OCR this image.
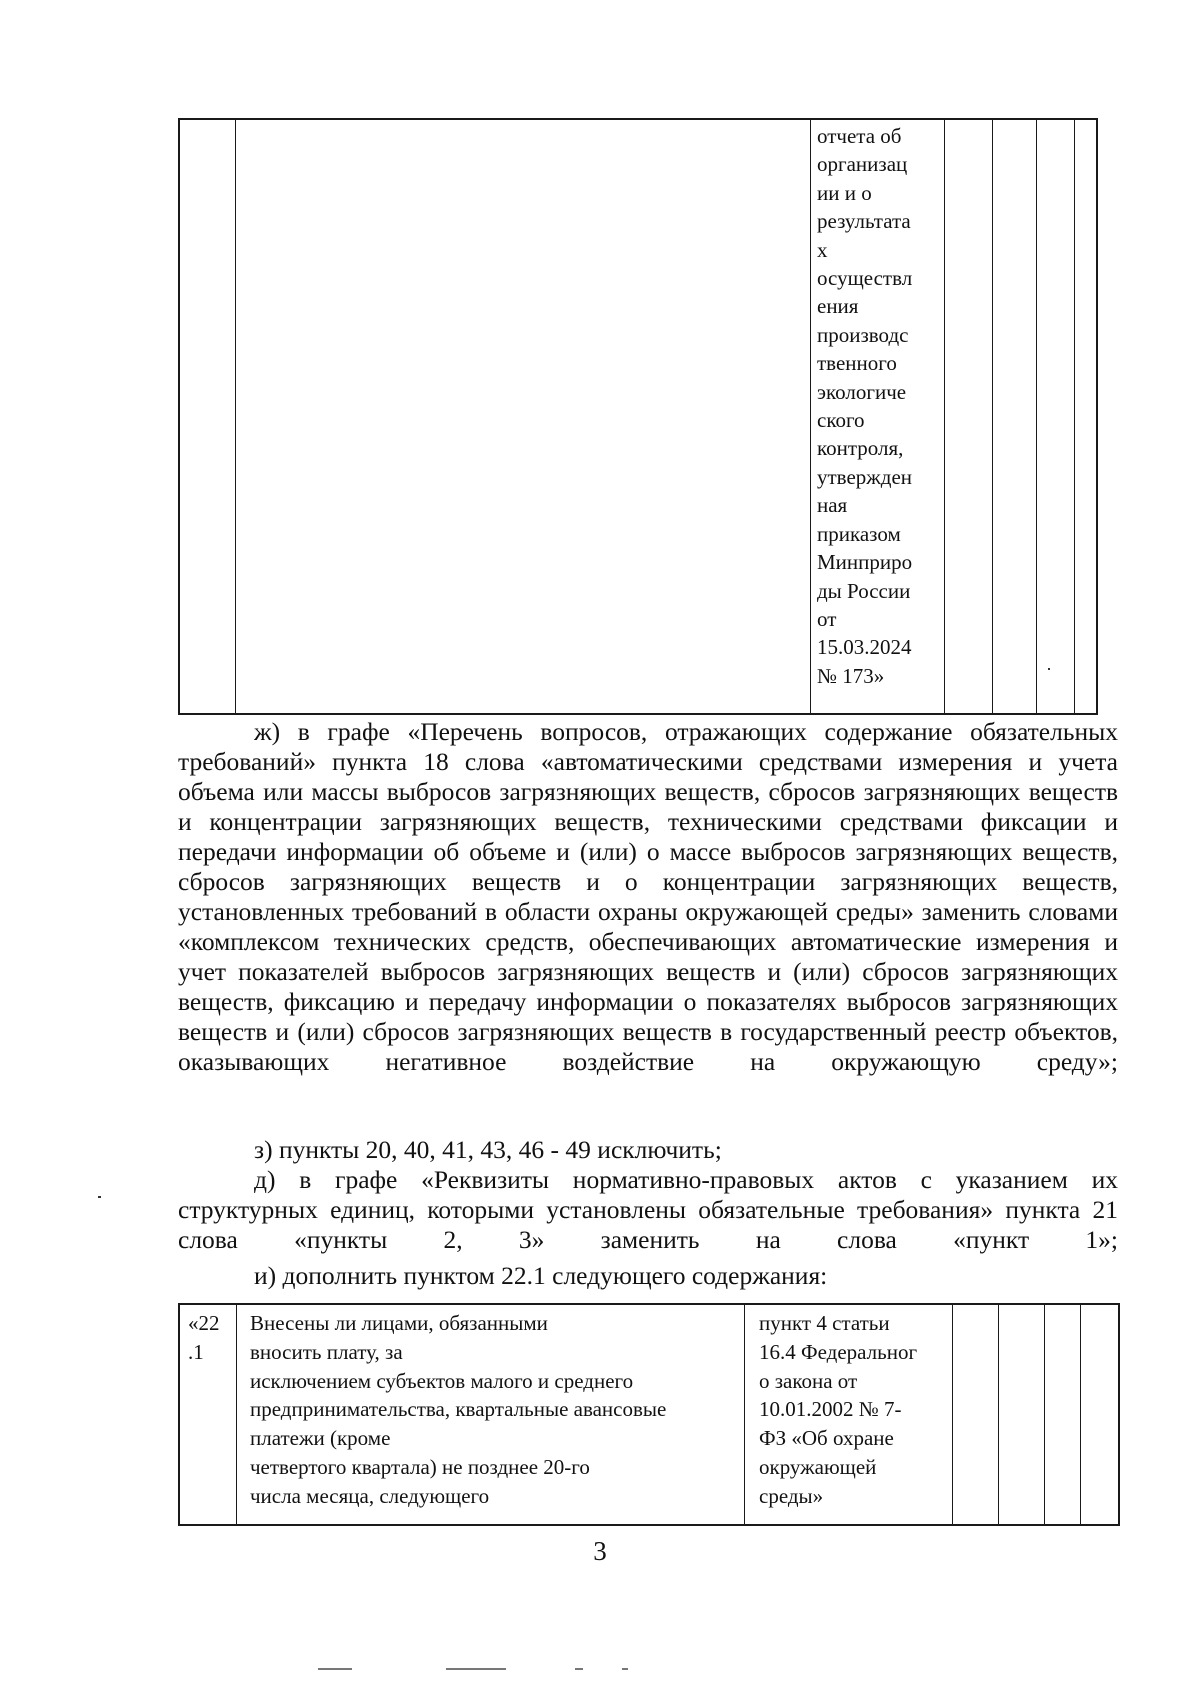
отчета об
организац
ии и о
результата
х
осуществл
ения
производс
твенного
экологиче
ского
контроля,
утвержден
ная
приказом
Минприро
ды России
от
15.03.2024
№ 173»

ж) в графе «Перечень вопросов, отражающих содержание обязательных требований» пункта 18 слова «автоматическими средствами измерения и учета объема или массы выбросов загрязняющих веществ, сбросов загрязняющих веществ и концентрации загрязняющих веществ, техническими средствами фиксации и передачи информации об объеме и (или) о массе выбросов загрязняющих веществ, сбросов загрязняющих веществ и о концентрации загрязняющих веществ, установленных требований в области охраны окружающей среды» заменить словами «комплексом технических средств, обеспечивающих автоматические измерения и учет показателей выбросов загрязняющих веществ и (или) сбросов загрязняющих веществ, фиксацию и передачу информации о показателях выбросов загрязняющих веществ и (или) сбросов загрязняющих веществ в государственный реестр объектов, оказывающих негативное воздействие на окружающую среду»;

з) пункты 20, 40, 41, 43, 46 - 49 исключить;

д) в графе «Реквизиты нормативно-правовых актов с указанием их структурных единиц, которыми установлены обязательные требования» пункта 21 слова «пункты 2, 3» заменить на слова «пункт 1»;

и) дополнить пунктом 22.1 следующего содержания:

«22
.1

Внесены ли лицами, обязанными
вносить плату, за
исключением субъектов малого и среднего
предпринимательства, квартальные авансовые
платежи (кроме
четвертого квартала) не позднее 20-го
числа месяца, следующего

пункт 4 статьи
16.4 Федеральног
о закона от
10.01.2002 № 7-
ФЗ «Об охране
окружающей
среды»

3
